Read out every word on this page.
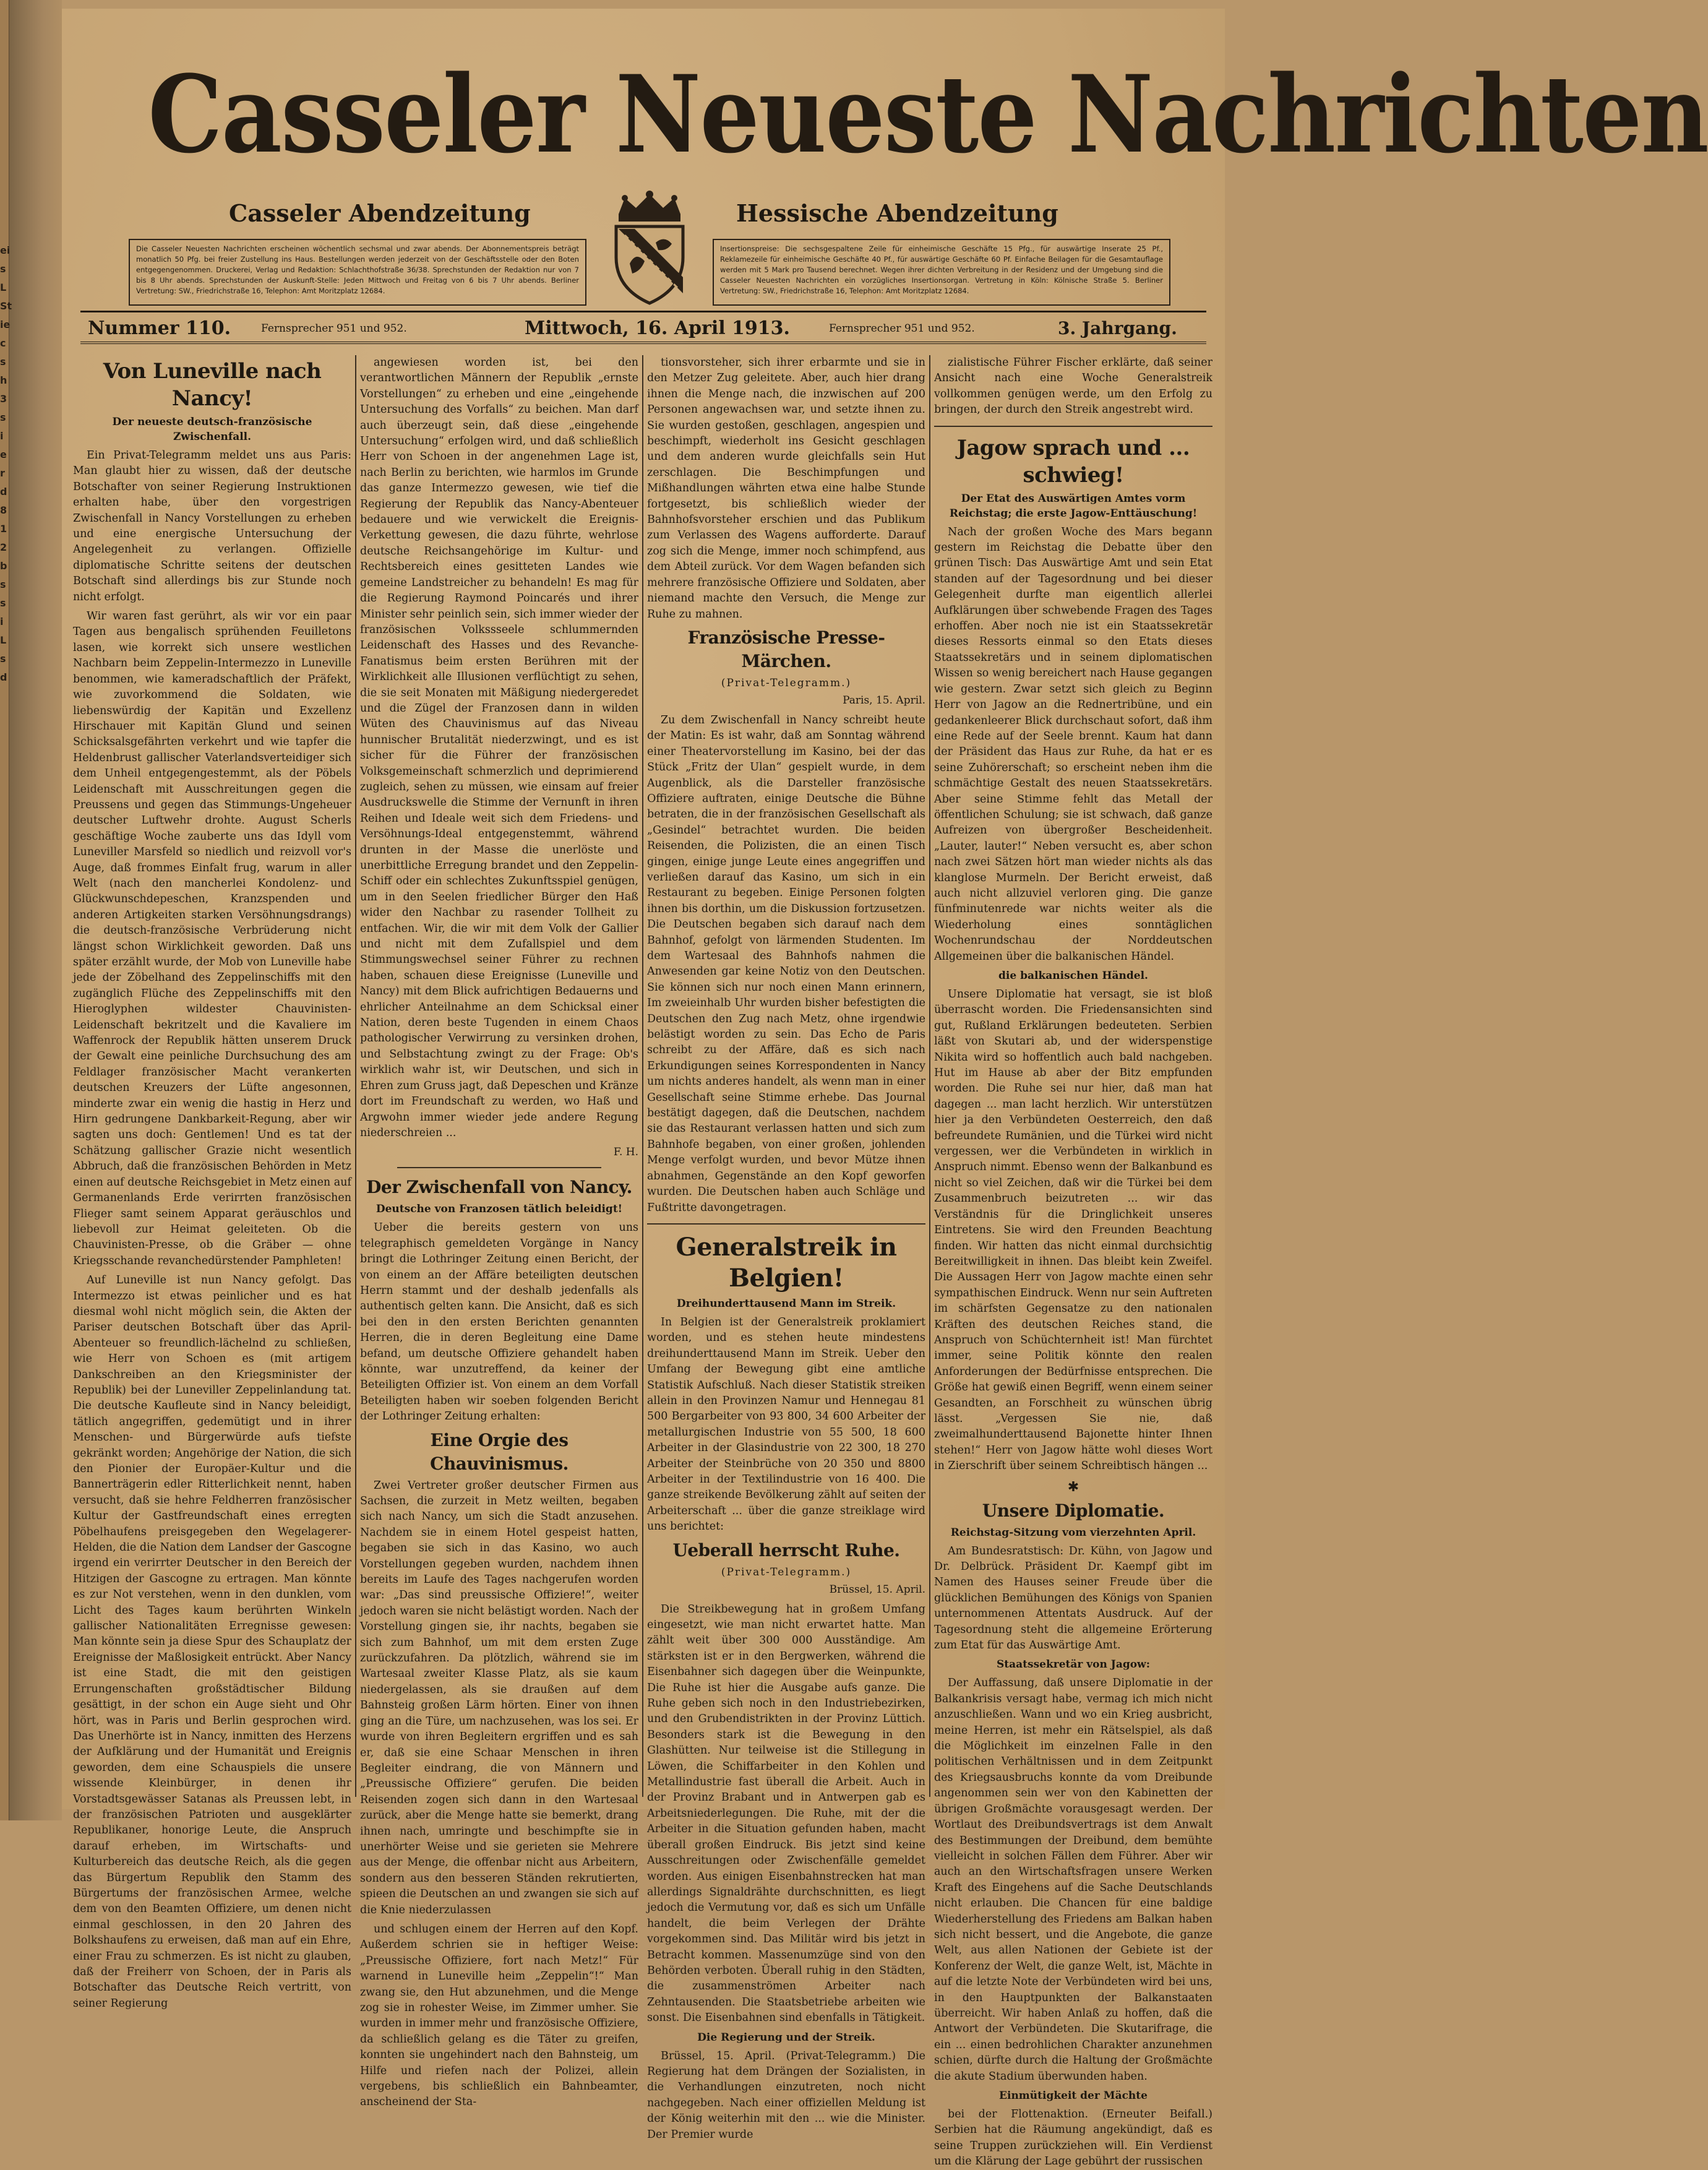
ei
s
L
St
ie
c
s
h
3
s
i
e
r
d
8
1
2
b
s
s
i
L
s
d
Casseler Neueste Nachrichten
Casseler Abendzeitung	Hessische Abendzeitung
Die Casseler Neuesten Nachrichten erscheinen wöchentlich sechsmal und zwar abends. Der Abonnementspreis beträgt monatlich 50 Pfg. bei freier Zustellung ins Haus. Bestellungen werden jederzeit von der Geschäftsstelle oder den Boten entgegengenommen. Druckerei, Verlag und Redaktion: Schlachthofstraße 36/38. Sprechstunden der Redaktion nur von 7 bis 8 Uhr abends. Sprechstunden der Auskunft-Stelle: Jeden Mittwoch und Freitag von 6 bis 7 Uhr abends. Berliner Vertretung: SW., Friedrichstraße 16, Telephon: Amt Moritzplatz 12684.
Insertionspreise: Die sechsgespaltene Zeile für einheimische Geschäfte 15 Pfg., für auswärtige Inserate 25 Pf., Reklamezeile für einheimische Geschäfte 40 Pf., für auswärtige Geschäfte 60 Pf. Einfache Beilagen für die Gesamtauflage werden mit 5 Mark pro Tausend berechnet. Wegen ihrer dichten Verbreitung in der Residenz und der Umgebung sind die Casseler Neuesten Nachrichten ein vorzügliches Insertionsorgan. Vertretung in Köln: Kölnische Straße 5. Berliner Vertretung: SW., Friedrichstraße 16, Telephon: Amt Moritzplatz 12684.
Nummer 110.	Fernsprecher 951 und 952.	Mittwoch, 16. April 1913.	Fernsprecher 951 und 952.	3. Jahrgang.
Von Luneville nach Nancy!
Der neueste deutsch-französische Zwischenfall.

Ein Privat-Telegramm meldet uns aus Paris: Man glaubt hier zu wissen, daß der deutsche Botschafter von seiner Regierung Instruktionen erhalten habe, über den vorgestrigen Zwischenfall in Nancy Vorstellungen zu erheben und eine energische Untersuchung der Angelegenheit zu verlangen. Offizielle diplomatische Schritte seitens der deutschen Botschaft sind allerdings bis zur Stunde noch nicht erfolgt.

Wir waren fast gerührt, als wir vor ein paar Tagen aus bengalisch sprühenden Feuilletons lasen, wie korrekt sich unsere westlichen Nachbarn beim Zeppelin-Intermezzo in Luneville benommen, wie kameradschaftlich der Präfekt, wie zuvorkommend die Soldaten, wie liebenswürdig der Kapitän und Exzellenz Hirschauer mit Kapitän Glund und seinen Schicksalsgefährten verkehrt und wie tapfer die Heldenbrust gallischer Vaterlandsverteidiger sich dem Unheil entgegengestemmt, als der Pöbels Leidenschaft mit Ausschreitungen gegen die Preussens und gegen das Stimmungs-Ungeheuer deutscher Luftwehr drohte. August Scherls geschäftige Woche zauberte uns das Idyll vom Luneviller Marsfeld so niedlich und reizvoll vor's Auge, daß frommes Einfalt frug, warum in aller Welt (nach den mancherlei Kondolenz- und Glückwunschdepeschen, Kranzspenden und anderen Artigkeiten starken Versöhnungsdrangs) die deutsch-französische Verbrüderung nicht längst schon Wirklichkeit geworden. Daß uns später erzählt wurde, der Mob von Luneville habe jede der Zöbelhand des Zeppelinschiffs mit den zugänglich Flüche des Zeppelinschiffs mit den Hieroglyphen wildester Chauvinisten-Leidenschaft bekritzelt und die Kavaliere im Waffenrock der Republik hätten unserem Druck der Gewalt eine peinliche Durchsuchung des am Feldlager französischer Macht verankerten deutschen Kreuzers der Lüfte angesonnen, minderte zwar ein wenig die hastig in Herz und Hirn gedrungene Dankbarkeit-Regung, aber wir sagten uns doch: Gentlemen! Und es tat der Schätzung gallischer Grazie nicht wesentlich Abbruch, daß die französischen Behörden in Metz einen auf deutsche Reichsgebiet in Metz einen auf Germanenlands Erde verirrten französischen Flieger samt seinem Apparat geräuschlos und liebevoll zur Heimat geleiteten. Ob die Chauvinisten-Presse, ob die Gräber — ohne Kriegsschande revanchedürstender Pamphleten!

Auf Luneville ist nun Nancy gefolgt. Das Intermezzo ist etwas peinlicher und es hat diesmal wohl nicht möglich sein, die Akten der Pariser deutschen Botschaft über das April-Abenteuer so freundlich-lächelnd zu schließen, wie Herr von Schoen es (mit artigem Dankschreiben an den Kriegsminister der Republik) bei der Luneviller Zeppelinlandung tat. Die deutsche Kaufleute sind in Nancy beleidigt, tätlich angegriffen, gedemütigt und in ihrer Menschen- und Bürgerwürde aufs tiefste gekränkt worden; Angehörige der Nation, die sich den Pionier der Europäer-Kultur und die Bannerträgerin edler Ritterlichkeit nennt, haben versucht, daß sie hehre Feldherren französischer Kultur der Gastfreundschaft eines erregten Pöbelhaufens preisgegeben den Wegelagerer-Helden, die die Nation dem Landser der Gascogne irgend ein verirrter Deutscher in den Bereich der Hitzigen der Gascogne zu ertragen. Man könnte es zur Not verstehen, wenn in den dunklen, vom Licht des Tages kaum berührten Winkeln gallischer Nationalitäten Erregnisse gewesen: Man könnte sein ja diese Spur des Schauplatz der Ereignisse der Maßlosigkeit entrückt. Aber Nancy ist eine Stadt, die mit den geistigen Errungenschaften großstädtischer Bildung gesättigt, in der schon ein Auge sieht und Ohr hört, was in Paris und Berlin gesprochen wird. Das Unerhörte ist in Nancy, inmitten des Herzens der Aufklärung und der Humanität und Ereignis geworden, dem eine Schauspiels die unsere wissende Kleinbürger, in denen ihr Vorstadtsgewässer Satanas als Preussen lebt, in der französischen Patrioten und ausgeklärter Republikaner, honorige Leute, die Anspruch darauf erheben, im Wirtschafts- und Kulturbereich das deutsche Reich, als die gegen das Bürgertum Republik den Stamm des Bürgertums der französischen Armee, welche dem von den Beamten Offiziere, um denen nicht einmal geschlossen, in den 20 Jahren des Bolkshaufens zu erweisen, daß man auf ein Ehre, einer Frau zu schmerzen. Es ist nicht zu glauben, daß der Freiherr von Schoen, der in Paris als Botschafter das Deutsche Reich vertritt, von seiner Regierung

angewiesen worden ist, bei den verantwortlichen Männern der Republik „ernste Vorstellungen“ zu erheben und eine „eingehende Untersuchung des Vorfalls“ zu beichen. Man darf auch überzeugt sein, daß diese „eingehende Untersuchung“ erfolgen wird, und daß schließlich Herr von Schoen in der angenehmen Lage ist, nach Berlin zu berichten, wie harmlos im Grunde das ganze Intermezzo gewesen, wie tief die Regierung der Republik das Nancy-Abenteuer bedauere und wie verwickelt die Ereignis-Verkettung gewesen, die dazu führte, wehrlose deutsche Reichsangehörige im Kultur- und Rechtsbereich eines gesitteten Landes wie gemeine Landstreicher zu behandeln! Es mag für die Regierung Raymond Poincarés und ihrer Minister sehr peinlich sein, sich immer wieder der französischen Volkssseele schlummernden Leidenschaft des Hasses und des Revanche-Fanatismus beim ersten Berühren mit der Wirklichkeit alle Illusionen verflüchtigt zu sehen, die sie seit Monaten mit Mäßigung niedergeredet und die Zügel der Franzosen dann in wilden Wüten des Chauvinismus auf das Niveau hunnischer Brutalität niederzwingt, und es ist sicher für die Führer der französischen Volksgemeinschaft schmerzlich und deprimierend zugleich, sehen zu müssen, wie einsam auf freier Ausdruckswelle die Stimme der Vernunft in ihren Reihen und Ideale weit sich dem Friedens- und Versöhnungs-Ideal entgegenstemmt, während drunten in der Masse die unerlöste und unerbittliche Erregung brandet und den Zeppelin-Schiff oder ein schlechtes Zukunftsspiel genügen, um in den Seelen friedlicher Bürger den Haß wider den Nachbar zu rasender Tollheit zu entfachen. Wir, die wir mit dem Volk der Gallier und nicht mit dem Zufallspiel und dem Stimmungswechsel seiner Führer zu rechnen haben, schauen diese Ereignisse (Luneville und Nancy) mit dem Blick aufrichtigen Bedauerns und ehrlicher Anteilnahme an dem Schicksal einer Nation, deren beste Tugenden in einem Chaos pathologischer Verwirrung zu versinken drohen, und Selbstachtung zwingt zu der Frage: Ob's wirklich wahr ist, wir Deutschen, und sich in Ehren zum Gruss jagt, daß Depeschen und Kränze dort im Freundschaft zu werden, wo Haß und Argwohn immer wieder jede andere Regung niederschreien ...

F. H.
Der Zwischenfall von Nancy.
Deutsche von Franzosen tätlich beleidigt!

Ueber die bereits gestern von uns telegraphisch gemeldeten Vorgänge in Nancy bringt die Lothringer Zeitung einen Bericht, der von einem an der Affäre beteiligten deutschen Herrn stammt und der deshalb jedenfalls als authentisch gelten kann. Die Ansicht, daß es sich bei den in den ersten Berichten genannten Herren, die in deren Begleitung eine Dame befand, um deutsche Offiziere gehandelt haben könnte, war unzutreffend, da keiner der Beteiligten Offizier ist. Von einem an dem Vorfall Beteiligten haben wir soeben folgenden Bericht der Lothringer Zeitung erhalten:

Eine Orgie des Chauvinismus.

Zwei Vertreter großer deutscher Firmen aus Sachsen, die zurzeit in Metz weilten, begaben sich nach Nancy, um sich die Stadt anzusehen. Nachdem sie in einem Hotel gespeist hatten, begaben sie sich in das Kasino, wo auch Vorstellungen gegeben wurden, nachdem ihnen bereits im Laufe des Tages nachgerufen worden war: „Das sind preussische Offiziere!“, weiter jedoch waren sie nicht belästigt worden. Nach der Vorstellung gingen sie, ihr nachts, begaben sie sich zum Bahnhof, um mit dem ersten Zuge zurückzufahren. Da plötzlich, während sie im Wartesaal zweiter Klasse Platz, als sie kaum niedergelassen, als sie draußen auf dem Bahnsteig großen Lärm hörten. Einer von ihnen ging an die Türe, um nachzusehen, was los sei. Er wurde von ihren Begleitern ergriffen und es sah er, daß sie eine Schaar Menschen in ihren Begleiter eindrang, die von Männern und „Preussische Offiziere“ gerufen. Die beiden Reisenden zogen sich dann in den Wartesaal zurück, aber die Menge hatte sie bemerkt, drang ihnen nach, umringte und beschimpfte sie in unerhörter Weise und sie gerieten sie Mehrere aus der Menge, die offenbar nicht aus Arbeitern, sondern aus den besseren Ständen rekrutierten, spieen die Deutschen an und zwangen sie sich auf die Knie niederzulassen

und schlugen einem der Herren auf den Kopf. Außerdem schrien sie in heftiger Weise: „Preussische Offiziere, fort nach Metz!“ Für warnend in Luneville heim „Zeppelin“!“ Man zwang sie, den Hut abzunehmen, und die Menge zog sie in rohester Weise, im Zimmer umher. Sie wurden in immer mehr und französische Offiziere, da schließlich gelang es die Täter zu greifen, konnten sie ungehindert nach den Bahnsteig, um Hilfe und riefen nach der Polizei, allein vergebens, bis schließlich ein Bahnbeamter, anscheinend der Sta-

tionsvorsteher, sich ihrer erbarmte und sie in den Metzer Zug geleitete. Aber, auch hier drang ihnen die Menge nach, die inzwischen auf 200 Personen angewachsen war, und setzte ihnen zu. Sie wurden gestoßen, geschlagen, angespien und beschimpft, wiederholt ins Gesicht geschlagen und dem anderen wurde gleichfalls sein Hut zerschlagen. Die Beschimpfungen und Mißhandlungen währten etwa eine halbe Stunde fortgesetzt, bis schließlich wieder der Bahnhofsvorsteher erschien und das Publikum zum Verlassen des Wagens aufforderte. Darauf zog sich die Menge, immer noch schimpfend, aus dem Abteil zurück. Vor dem Wagen befanden sich mehrere französische Offiziere und Soldaten, aber niemand machte den Versuch, die Menge zur Ruhe zu mahnen.

Französische Presse-Märchen.
(Privat-Telegramm.)
Paris, 15. April.

Zu dem Zwischenfall in Nancy schreibt heute der Matin: Es ist wahr, daß am Sonntag während einer Theatervorstellung im Kasino, bei der das Stück „Fritz der Ulan“ gespielt wurde, in dem Augenblick, als die Darsteller französische Offiziere auftraten, einige Deutsche die Bühne betraten, die in der französischen Gesellschaft als „Gesindel“ betrachtet wurden. Die beiden Reisenden, die Polizisten, die an einen Tisch gingen, einige junge Leute eines angegriffen und verließen darauf das Kasino, um sich in ein Restaurant zu begeben. Einige Personen folgten ihnen bis dorthin, um die Diskussion fortzusetzen. Die Deutschen begaben sich darauf nach dem Bahnhof, gefolgt von lärmenden Studenten. Im dem Wartesaal des Bahnhofs nahmen die Anwesenden gar keine Notiz von den Deutschen. Sie können sich nur noch einen Mann erinnern, Im zweieinhalb Uhr wurden bisher befestigten die Deutschen den Zug nach Metz, ohne irgendwie belästigt worden zu sein. Das Echo de Paris schreibt zu der Affäre, daß es sich nach Erkundigungen seines Korrespondenten in Nancy um nichts anderes handelt, als wenn man in einer Gesellschaft seine Stimme erhebe. Das Journal bestätigt dagegen, daß die Deutschen, nachdem sie das Restaurant verlassen hatten und sich zum Bahnhofe begaben, von einer großen, johlenden Menge verfolgt wurden, und bevor Mütze ihnen abnahmen, Gegenstände an den Kopf geworfen wurden. Die Deutschen haben auch Schläge und Fußtritte davongetragen.

Generalstreik in Belgien!
Dreihunderttausend Mann im Streik.

In Belgien ist der Generalstreik proklamiert worden, und es stehen heute mindestens dreihunderttausend Mann im Streik. Ueber den Umfang der Bewegung gibt eine amtliche Statistik Aufschluß. Nach dieser Statistik streiken allein in den Provinzen Namur und Hennegau 81 500 Bergarbeiter von 93 800, 34 600 Arbeiter der metallurgischen Industrie von 55 500, 18 600 Arbeiter in der Glasindustrie von 22 300, 18 270 Arbeiter der Steinbrüche von 20 350 und 8800 Arbeiter in der Textilindustrie von 16 400. Die ganze streikende Bevölkerung zählt auf seiten der Arbeiterschaft ... über die ganze streiklage wird uns berichtet:

Ueberall herrscht Ruhe.
(Privat-Telegramm.)
Brüssel, 15. April.

Die Streikbewegung hat in großem Umfang eingesetzt, wie man nicht erwartet hatte. Man zählt weit über 300 000 Ausständige. Am stärksten ist er in den Bergwerken, während die Eisenbahner sich dagegen über die Weinpunkte, Die Ruhe ist hier die Ausgabe aufs ganze. Die Ruhe geben sich noch in den Industriebezirken, und den Grubendistrikten in der Provinz Lüttich. Besonders stark ist die Bewegung in den Glashütten. Nur teilweise ist die Stillegung in Löwen, die Schiffarbeiter in den Kohlen und Metallindustrie fast überall die Arbeit. Auch in der Provinz Brabant und in Antwerpen gab es Arbeitsniederlegungen. Die Ruhe, mit der die Arbeiter in die Situation gefunden haben, macht überall großen Eindruck. Bis jetzt sind keine Ausschreitungen oder Zwischenfälle gemeldet worden. Aus einigen Eisenbahnstrecken hat man allerdings Signaldrähte durchschnitten, es liegt jedoch die Vermutung vor, daß es sich um Unfälle handelt, die beim Verlegen der Drähte vorgekommen sind. Das Militär wird bis jetzt in Betracht kommen. Massenumzüge sind von den Behörden verboten. Überall ruhig in den Städten, die zusammenströmen Arbeiter nach Zehntausenden. Die Staatsbetriebe arbeiten wie sonst. Die Eisenbahnen sind ebenfalls in Tätigkeit.

Die Regierung und der Streik.

Brüssel, 15. April. (Privat-Telegramm.) Die Regierung hat dem Drängen der Sozialisten, in die Verhandlungen einzutreten, noch nicht nachgegeben. Nach einer offiziellen Meldung ist der König weiterhin mit den ... wie die Minister. Der Premier wurde

zialistische Führer Fischer erklärte, daß seiner Ansicht nach eine Woche Generalstreik vollkommen genügen werde, um den Erfolg zu bringen, der durch den Streik angestrebt wird.

Jagow sprach und ... schwieg!
Der Etat des Auswärtigen Amtes vorm Reichstag; die erste Jagow-Enttäuschung!

Nach der großen Woche des Mars begann gestern im Reichstag die Debatte über den grünen Tisch: Das Auswärtige Amt und sein Etat standen auf der Tagesordnung und bei dieser Gelegenheit durfte man eigentlich allerlei Aufklärungen über schwebende Fragen des Tages erhoffen. Aber noch nie ist ein Staatssekretär dieses Ressorts einmal so den Etats dieses Staatssekretärs und in seinem diplomatischen Wissen so wenig bereichert nach Hause gegangen wie gestern. Zwar setzt sich gleich zu Beginn Herr von Jagow an die Rednertribüne, und ein gedankenleerer Blick durchschaut sofort, daß ihm eine Rede auf der Seele brennt. Kaum hat dann der Präsident das Haus zur Ruhe, da hat er es seine Zuhörerschaft; so erscheint neben ihm die schmächtige Gestalt des neuen Staatssekretärs. Aber seine Stimme fehlt das Metall der öffentlichen Schulung; sie ist schwach, daß ganze Aufreizen von übergroßer Bescheidenheit. „Lauter, lauter!“ Neben versucht es, aber schon nach zwei Sätzen hört man wieder nichts als das klanglose Murmeln. Der Bericht erweist, daß auch nicht allzuviel verloren ging. Die ganze fünfminutenrede war nichts weiter als die Wiederholung eines sonntäglichen Wochenrundschau der Norddeutschen Allgemeinen über die balkanischen Händel.

die balkanischen Händel.

Unsere Diplomatie hat versagt, sie ist bloß überrascht worden. Die Friedensansichten sind gut, Rußland Erklärungen bedeuteten. Serbien läßt von Skutari ab, und der widerspenstige Nikita wird so hoffentlich auch bald nachgeben. Hut im Hause ab aber der Bitz empfunden worden. Die Ruhe sei nur hier, daß man hat dagegen ... man lacht herzlich. Wir unterstützen hier ja den Verbündeten Oesterreich, den daß befreundete Rumänien, und die Türkei wird nicht vergessen, wer die Verbündeten in wirklich in Anspruch nimmt. Ebenso wenn der Balkanbund es nicht so viel Zeichen, daß wir die Türkei bei dem Zusammenbruch beizutreten ... wir das Verständnis für die Dringlichkeit unseres Eintretens. Sie wird den Freunden Beachtung finden. Wir hatten das nicht einmal durchsichtig Bereitwilligkeit in ihnen. Das bleibt kein Zweifel. Die Aussagen Herr von Jagow machte einen sehr sympathischen Eindruck. Wenn nur sein Auftreten im schärfsten Gegensatze zu den nationalen Kräften des deutschen Reiches stand, die Anspruch von Schüchternheit ist! Man fürchtet immer, seine Politik könnte den realen Anforderungen der Bedürfnisse entsprechen. Die Größe hat gewiß einen Begriff, wenn einem seiner Gesandten, an Forschheit zu wünschen übrig lässt. „Vergessen Sie nie, daß zweimalhunderttausend Bajonette hinter Ihnen stehen!“ Herr von Jagow hätte wohl dieses Wort in Zierschrift über seinem Schreibtisch hängen ...

✱
Unsere Diplomatie.
Reichstag-Sitzung vom vierzehnten April.

Am Bundesratstisch: Dr. Kühn, von Jagow und Dr. Delbrück. Präsident Dr. Kaempf gibt im Namen des Hauses seiner Freude über die glücklichen Bemühungen des Königs von Spanien unternommenen Attentats Ausdruck. Auf der Tagesordnung steht die allgemeine Erörterung zum Etat für das Auswärtige Amt.

Staatssekretär von Jagow:

Der Auffassung, daß unsere Diplomatie in der Balkankrisis versagt habe, vermag ich mich nicht anzuschließen. Wann und wo ein Krieg ausbricht, meine Herren, ist mehr ein Rätselspiel, als daß die Möglichkeit im einzelnen Falle in den politischen Verhältnissen und in dem Zeitpunkt des Kriegsausbruchs konnte da vom Dreibunde angenommen sein wer von den Kabinetten der übrigen Großmächte vorausgesagt werden. Der Wortlaut des Dreibundsvertrags ist dem Anwalt des Bestimmungen der Dreibund, dem bemühte vielleicht in solchen Fällen dem Führer. Aber wir auch an den Wirtschaftsfragen unsere Werken Kraft des Eingehens auf die Sache Deutschlands nicht erlauben. Die Chancen für eine baldige Wiederherstellung des Friedens am Balkan haben sich nicht bessert, und die Angebote, die ganze Welt, aus allen Nationen der Gebiete ist der Konferenz der Welt, die ganze Welt, ist, Mächte in auf die letzte Note der Verbündeten wird bei uns, in den Hauptpunkten der Balkanstaaten überreicht. Wir haben Anlaß zu hoffen, daß die Antwort der Verbündeten. Die Skutarifrage, die ein ... einen bedrohlichen Charakter anzunehmen schien, dürfte durch die Haltung der Großmächte die akute Stadium überwunden haben.

Einmütigkeit der Mächte

bei der Flottenaktion. (Erneuter Beifall.) Serbien hat die Räumung angekündigt, daß es seine Truppen zurückziehen will. Ein Verdienst um die Klärung der Lage gebührt der russischen
